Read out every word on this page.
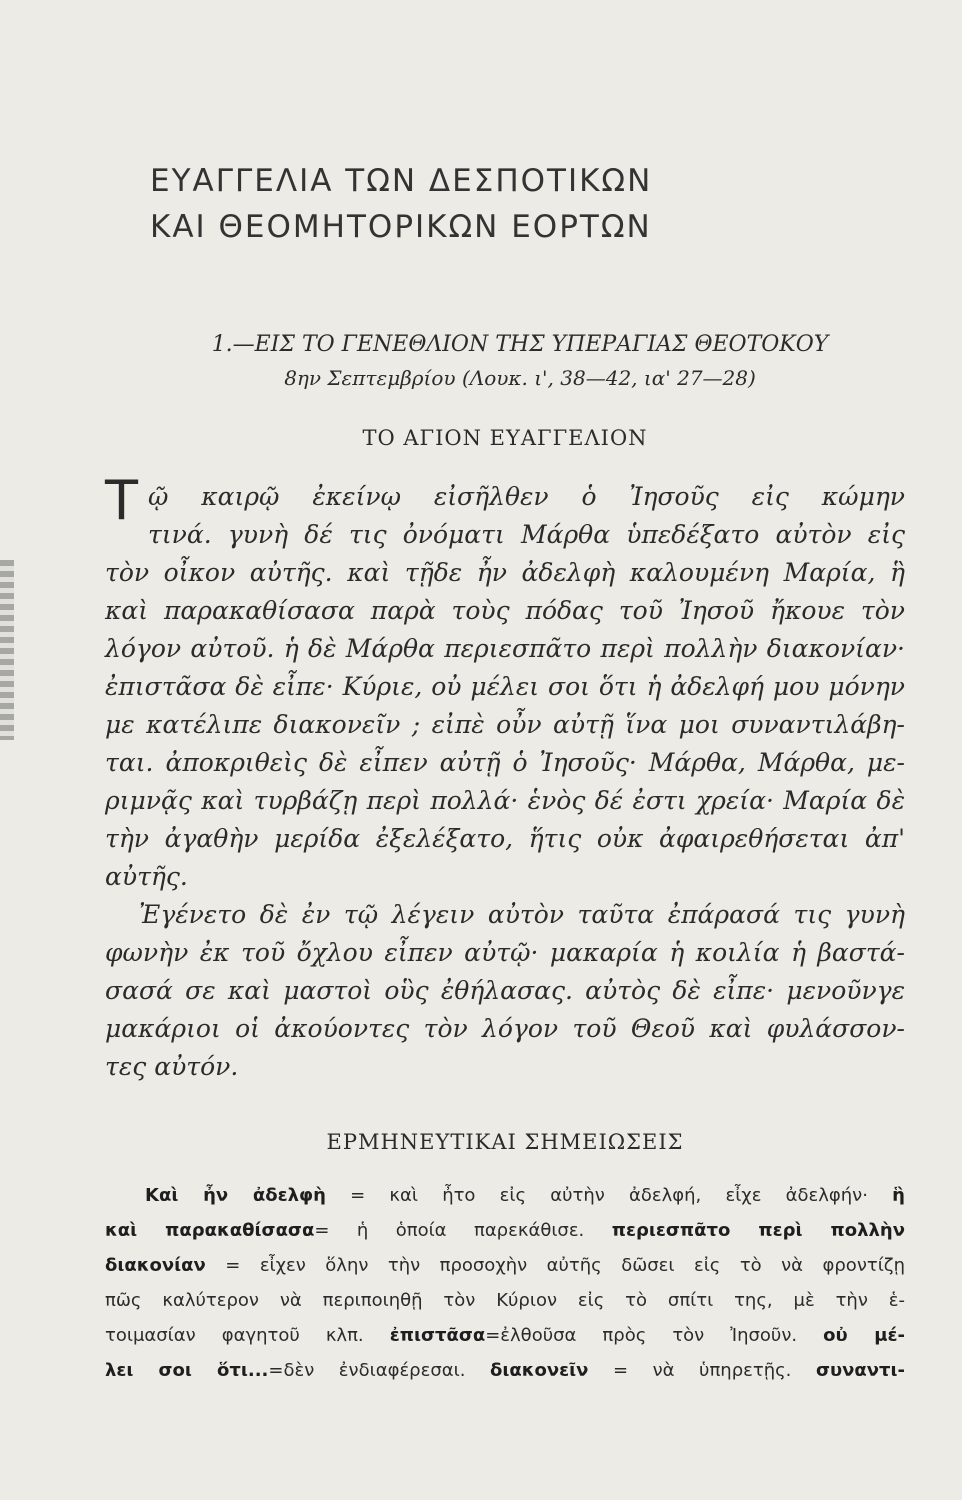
ΕΥΑΓΓΕΛΙΑ ΤΩΝ ΔΕΣΠΟΤΙΚΩΝ
ΚΑΙ ΘΕΟΜΗΤΟΡΙΚΩΝ ΕΟΡΤΩΝ
1.—ΕΙΣ ΤΟ ΓΕΝΕΘΛΙΟΝ ΤΗΣ ΥΠΕΡΑΓΙΑΣ ΘΕΟΤΟΚΟΥ
8ην Σεπτεμβρίου (Λουκ. ι', 38—42, ια' 27—28)
ΤΟ ΑΓΙΟΝ ΕΥΑΓΓΕΛΙΟΝ
Τ ῷ καιρῷ ἐκείνῳ εἰσῆλθεν ὁ Ἰησοῦς εἰς κώμην
τινά. γυνὴ δέ τις ὀνόματι Μάρθα ὑπεδέξατο αὐτὸν εἰς
τὸν οἶκον αὐτῆς. καὶ τῇδε ἦν ἀδελφὴ καλουμένη Μαρία, ἣ
καὶ παρακαθίσασα παρὰ τοὺς πόδας τοῦ Ἰησοῦ ἤκουε τὸν
λόγον αὐτοῦ. ἡ δὲ Μάρθα περιεσπᾶτο περὶ πολλὴν διακονίαν·
ἐπιστᾶσα δὲ εἶπε· Κύριε, οὐ μέλει σοι ὅτι ἡ ἀδελφή μου μόνην
με κατέλιπε διακονεῖν ; εἰπὲ οὖν αὐτῇ ἵνα μοι συναντιλάβη-
ται. ἀποκριθεὶς δὲ εἶπεν αὐτῇ ὁ Ἰησοῦς· Μάρθα, Μάρθα, με-
ριμνᾷς καὶ τυρβάζῃ περὶ πολλά· ἑνὸς δέ ἐστι χρεία· Μαρία δὲ
τὴν ἀγαθὴν μερίδα ἐξελέξατο, ἥτις οὐκ ἀφαιρεθήσεται ἀπ'
αὐτῆς.
Ἐγένετο δὲ ἐν τῷ λέγειν αὐτὸν ταῦτα ἐπάρασά τις γυνὴ
φωνὴν ἐκ τοῦ ὄχλου εἶπεν αὐτῷ· μακαρία ἡ κοιλία ἡ βαστά-
σασά σε καὶ μαστοὶ οὓς ἐθήλασας. αὐτὸς δὲ εἶπε· μενοῦνγε
μακάριοι οἱ ἀκούοντες τὸν λόγον τοῦ Θεοῦ καὶ φυλάσσον-
τες αὐτόν.
ΕΡΜΗΝΕΥΤΙΚΑΙ ΣΗΜΕΙΩΣΕΙΣ
Καὶ ἦν ἀδελφὴ = καὶ ἦτο εἰς αὐτὴν ἀδελφή, εἶχε ἀδελφήν· ἣ
καὶ παρακαθίσασα= ἡ ὁποία παρεκάθισε. περιεσπᾶτο περὶ πολλὴν
διακονίαν = εἶχεν ὅλην τὴν προσοχὴν αὐτῆς δῶσει εἰς τὸ νὰ φροντίζῃ
πῶς καλύτερον νὰ περιποιηθῇ τὸν Κύριον εἰς τὸ σπίτι της, μὲ τὴν ἑ-
τοιμασίαν φαγητοῦ κλπ. ἐπιστᾶσα=ἐλθοῦσα πρὸς τὸν Ἰησοῦν. οὐ μέ-
λει σοι ὅτι...=δὲν ἐνδιαφέρεσαι. διακονεῖν = νὰ ὑπηρετῇς. συναντι-
